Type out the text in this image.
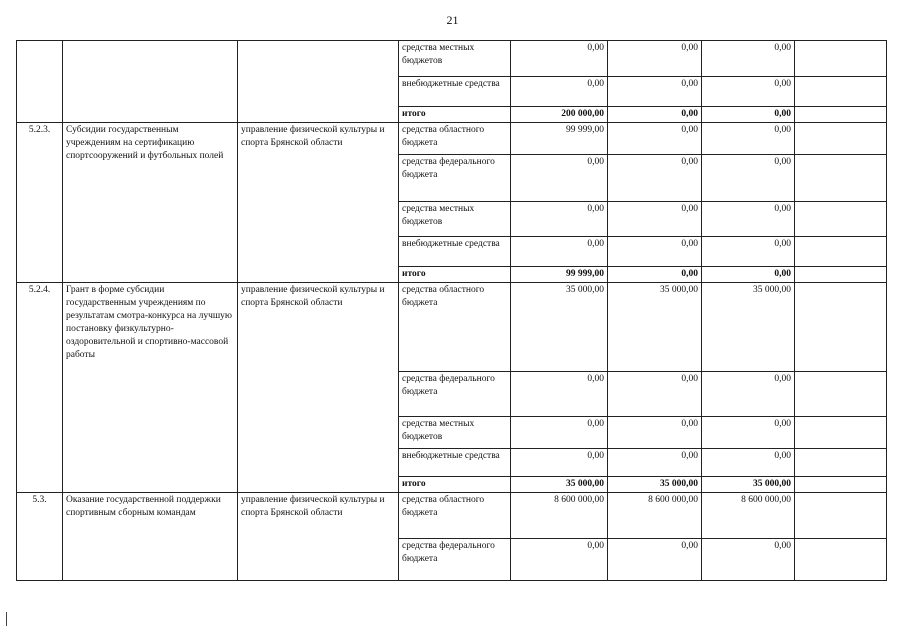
21
			средства местных бюджетов	0,00	0,00	0,00	
			внебюджетные средства	0,00	0,00	0,00	
			итого	200 000,00	0,00	0,00	
5.2.3.	Субсидии государственным учреждениям на сертификацию спортсооружений и футбольных полей	управление физической культуры и спорта Брянской области	средства областного бюджета	99 999,00	0,00	0,00	
			средства федерального бюджета	0,00	0,00	0,00	
			средства местных бюджетов	0,00	0,00	0,00	
			внебюджетные средства	0,00	0,00	0,00	
			итого	99 999,00	0,00	0,00	
5.2.4.	Грант в форме субсидии государственным учреждениям по результатам смотра-конкурса на лучшую постановку физкультурно-оздоровительной и спортивно-массовой работы	управление физической культуры и спорта Брянской области	средства областного бюджета	35 000,00	35 000,00	35 000,00	
			средства федерального бюджета	0,00	0,00	0,00	
			средства местных бюджетов	0,00	0,00	0,00	
			внебюджетные средства	0,00	0,00	0,00	
			итого	35 000,00	35 000,00	35 000,00	
5.3.	Оказание государственной поддержки спортивным сборным командам	управление физической культуры и спорта Брянской области	средства областного бюджета	8 600 000,00	8 600 000,00	8 600 000,00	
			средства федерального бюджета	0,00	0,00	0,00	
